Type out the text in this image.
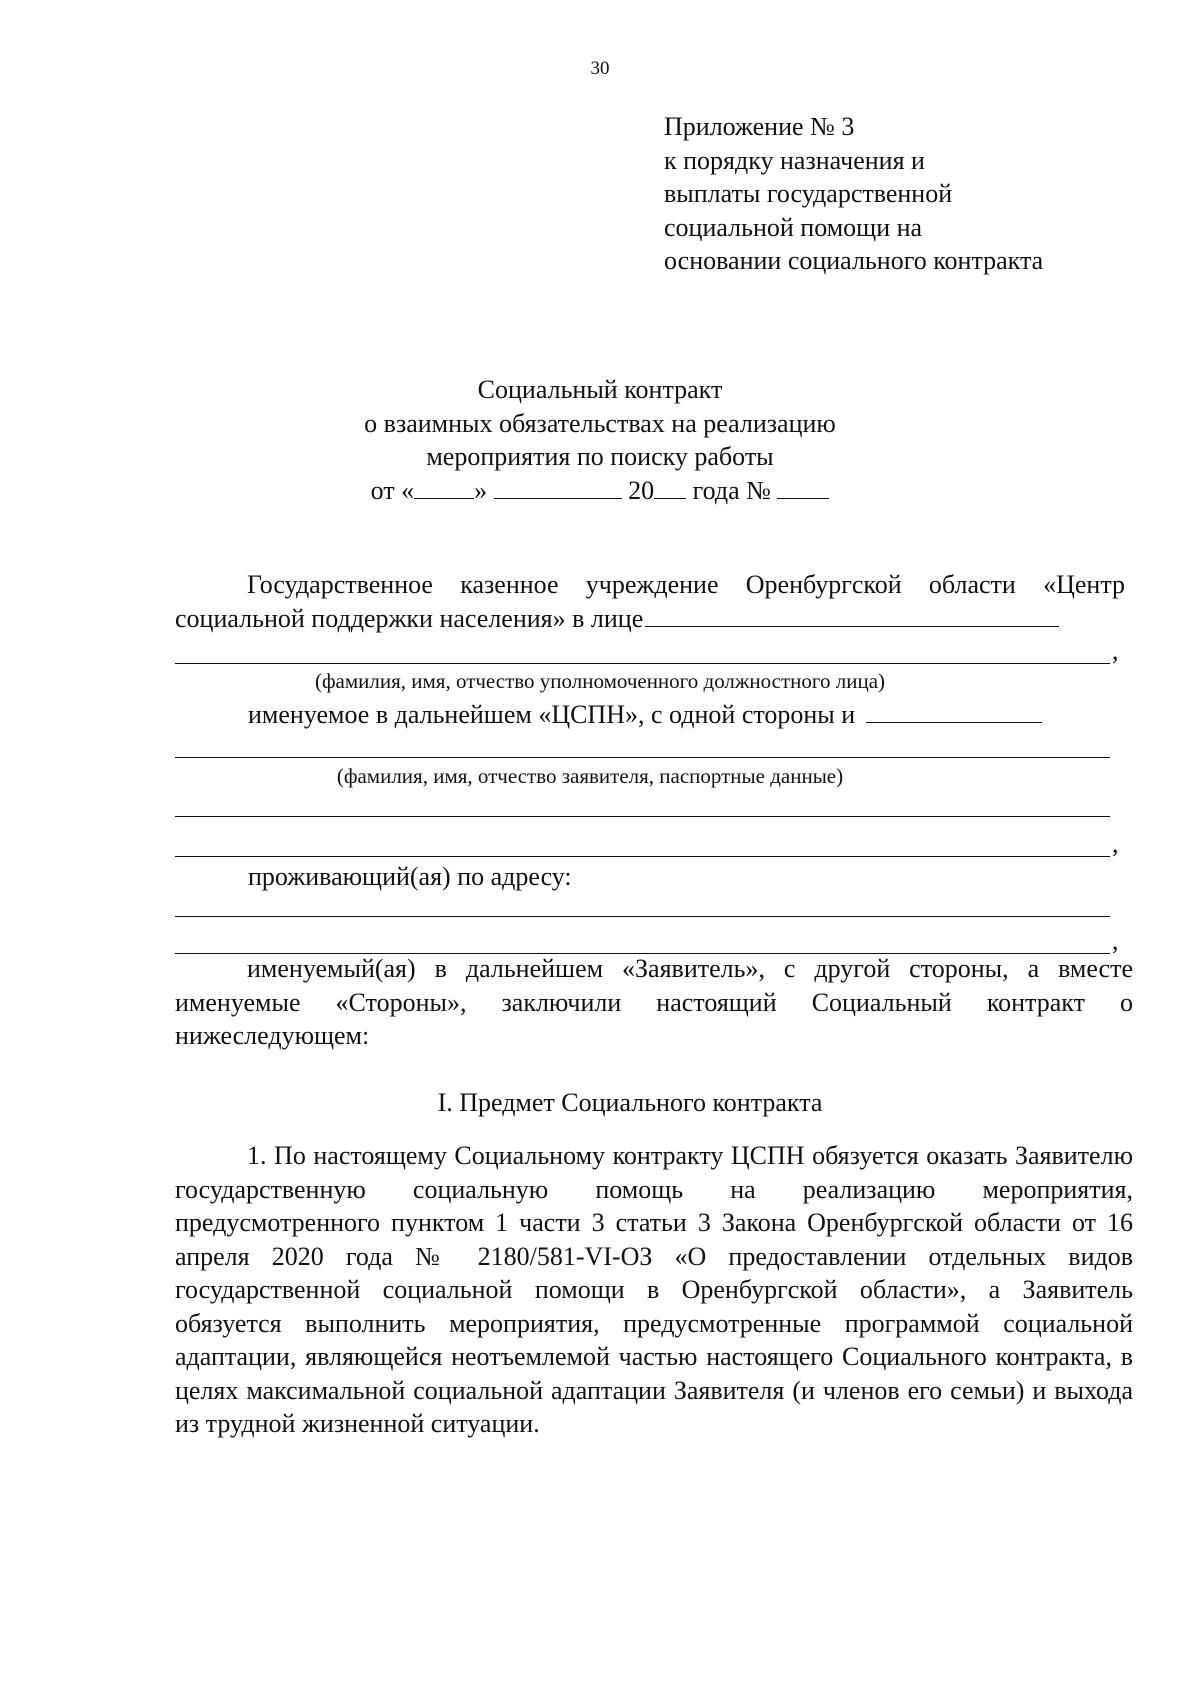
30
Приложение № 3
к порядку назначения и
выплаты государственной
социальной помощи на
основании социального контракта
Социальный контракт
о взаимных обязательствах на реализацию
мероприятия по поиску работы
от « »	20 года №
Государственное казенное учреждение Оренбургской области «Центр социальной поддержки населения» в лице
,
(фамилия, имя, отчество уполномоченного должностного лица)
именуемое в дальнейшем «ЦСПН», с одной стороны и
(фамилия, имя, отчество заявителя, паспортные данные)
,
проживающий(ая) по адресу:
,
именуемый(ая) в дальнейшем «Заявитель», с другой стороны, а вместе именуемые «Стороны», заключили настоящий Социальный контракт о нижеследующем:
I. Предмет Социального контракта
1. По настоящему Социальному контракту ЦСПН обязуется оказать Заявителю государственную социальную помощь на реализацию мероприятия, предусмотренного пунктом 1 части 3 статьи 3 Закона Оренбургской области от 16 апреля 2020 года № 2180/581-VI-ОЗ «О предоставлении отдельных видов государственной социальной помощи в Оренбургской области», а Заявитель обязуется выполнить мероприятия, предусмотренные программой социальной адаптации, являющейся неотъемлемой частью настоящего Социального контракта, в целях максимальной социальной адаптации Заявителя (и членов его семьи) и выхода из трудной жизненной ситуации.
